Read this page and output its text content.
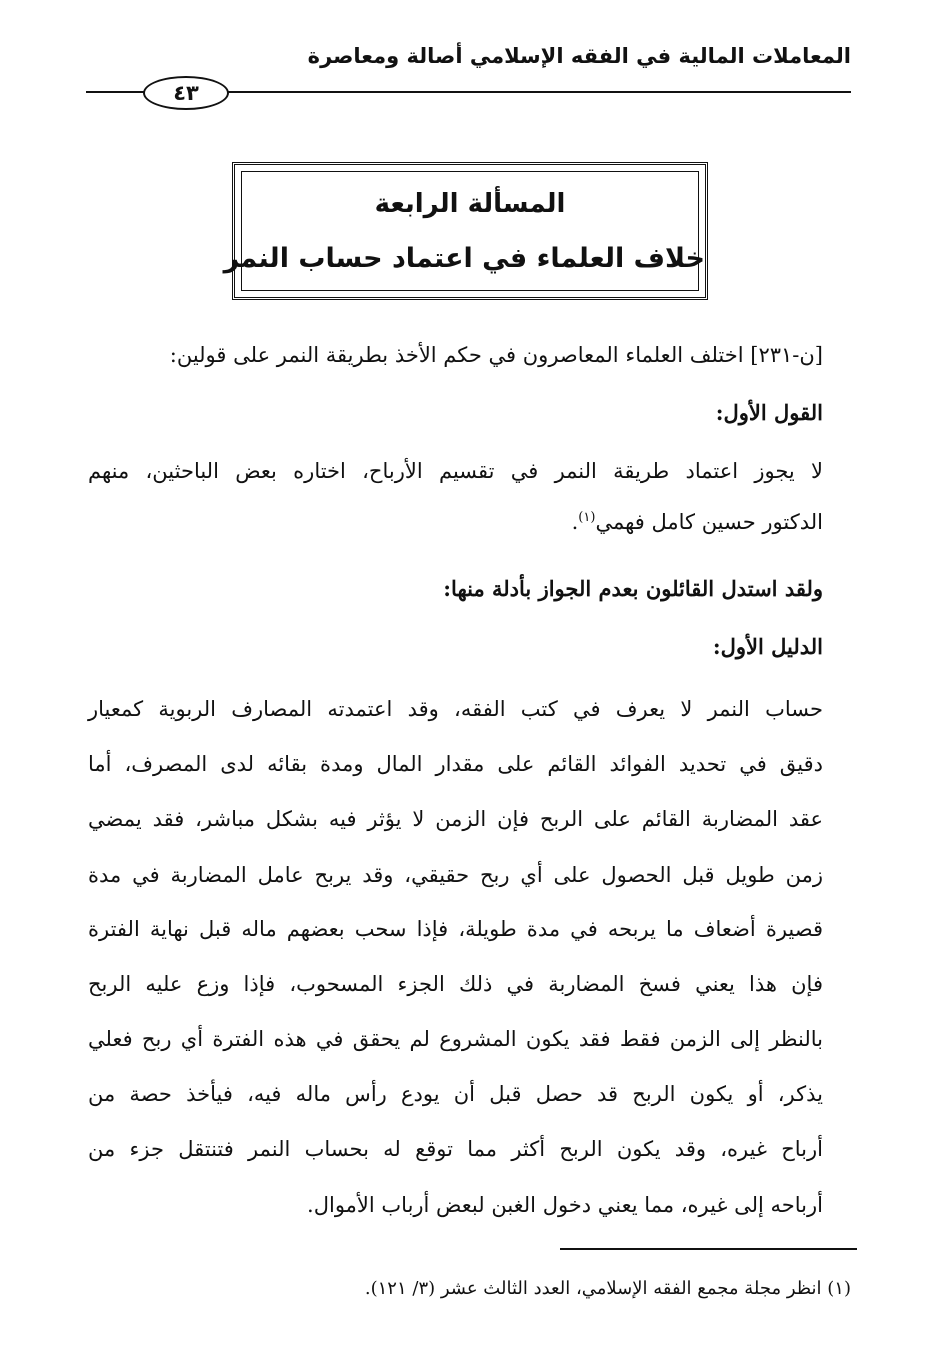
المعاملات المالية في الفقه الإسلامي أصالة ومعاصرة
٤٣
المسألة الرابعة
خلاف العلماء في اعتماد حساب النمر
[ن-٢٣١] اختلف العلماء المعاصرون في حكم الأخذ بطريقة النمر على قولين:
القول الأول:
لا يجوز اعتماد طريقة النمر في تقسيم الأرباح، اختاره بعض الباحثين، منهم
الدكتور حسين كامل فهمي$^{(١)}$.
ولقد استدل القائلون بعدم الجواز بأدلة منها:
الدليل الأول:
حساب النمر لا يعرف في كتب الفقه، وقد اعتمدته المصارف الربوية كمعيار
دقيق في تحديد الفوائد القائم على مقدار المال ومدة بقائه لدى المصرف، أما
عقد المضاربة القائم على الربح فإن الزمن لا يؤثر فيه بشكل مباشر، فقد يمضي
زمن طويل قبل الحصول على أي ربح حقيقي، وقد يربح عامل المضاربة في مدة
قصيرة أضعاف ما يربحه في مدة طويلة، فإذا سحب بعضهم ماله قبل نهاية الفترة
فإن هذا يعني فسخ المضاربة في ذلك الجزء المسحوب، فإذا وزع عليه الربح
بالنظر إلى الزمن فقط فقد يكون المشروع لم يحقق في هذه الفترة أي ربح فعلي
يذكر، أو يكون الربح قد حصل قبل أن يودع رأس ماله فيه، فيأخذ حصة من
أرباح غيره، وقد يكون الربح أكثر مما توقع له بحساب النمر فتنتقل جزء من
أرباحه إلى غيره، مما يعني دخول الغبن لبعض أرباب الأموال.
(١) انظر مجلة مجمع الفقه الإسلامي، العدد الثالث عشر (٣/ ١٢١).
